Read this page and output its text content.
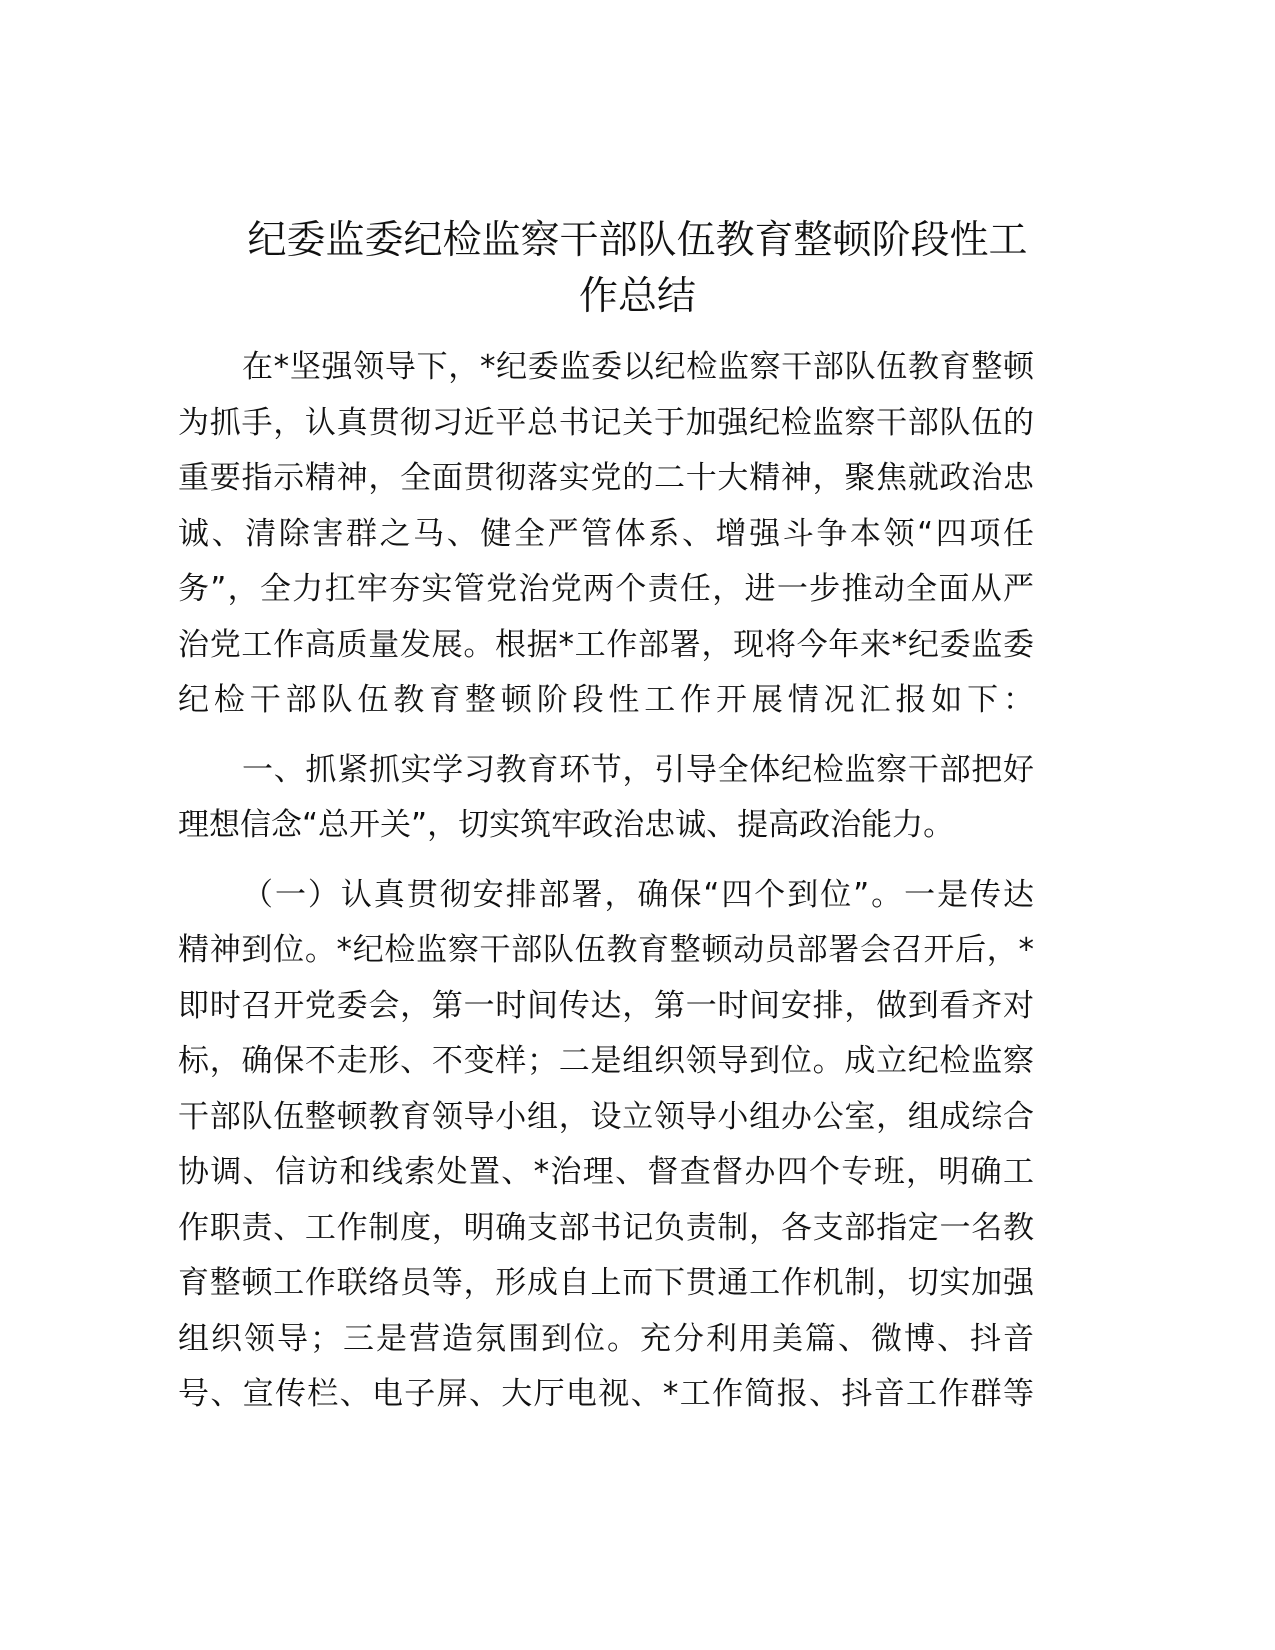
纪委监委纪检监察干部队伍教育整顿阶段性工
作总结
在*坚强领导下，*纪委监委以纪检监察干部队伍教育整顿
为抓手，认真贯彻习近平总书记关于加强纪检监察干部队伍的
重要指示精神，全面贯彻落实党的二十大精神，聚焦就政治忠
诚、清除害群之马、健全严管体系、增强斗争本领“四项任
务”，全力扛牢夯实管党治党两个责任，进一步推动全面从严
治党工作高质量发展。根据*工作部署，现将今年来*纪委监委
纪检干部队伍教育整顿阶段性工作开展情况汇报如下：
一、抓紧抓实学习教育环节，引导全体纪检监察干部把好
理想信念“总开关”，切实筑牢政治忠诚、提高政治能力。
（一）认真贯彻安排部署，确保“四个到位”。一是传达
精神到位。*纪检监察干部队伍教育整顿动员部署会召开后，*
即时召开党委会，第一时间传达，第一时间安排，做到看齐对
标，确保不走形、不变样；二是组织领导到位。成立纪检监察
干部队伍整顿教育领导小组，设立领导小组办公室，组成综合
协调、信访和线索处置、*治理、督查督办四个专班，明确工
作职责、工作制度，明确支部书记负责制，各支部指定一名教
育整顿工作联络员等，形成自上而下贯通工作机制，切实加强
组织领导；三是营造氛围到位。充分利用美篇、微博、抖音
号、宣传栏、电子屏、大厅电视、*工作简报、抖音工作群等
